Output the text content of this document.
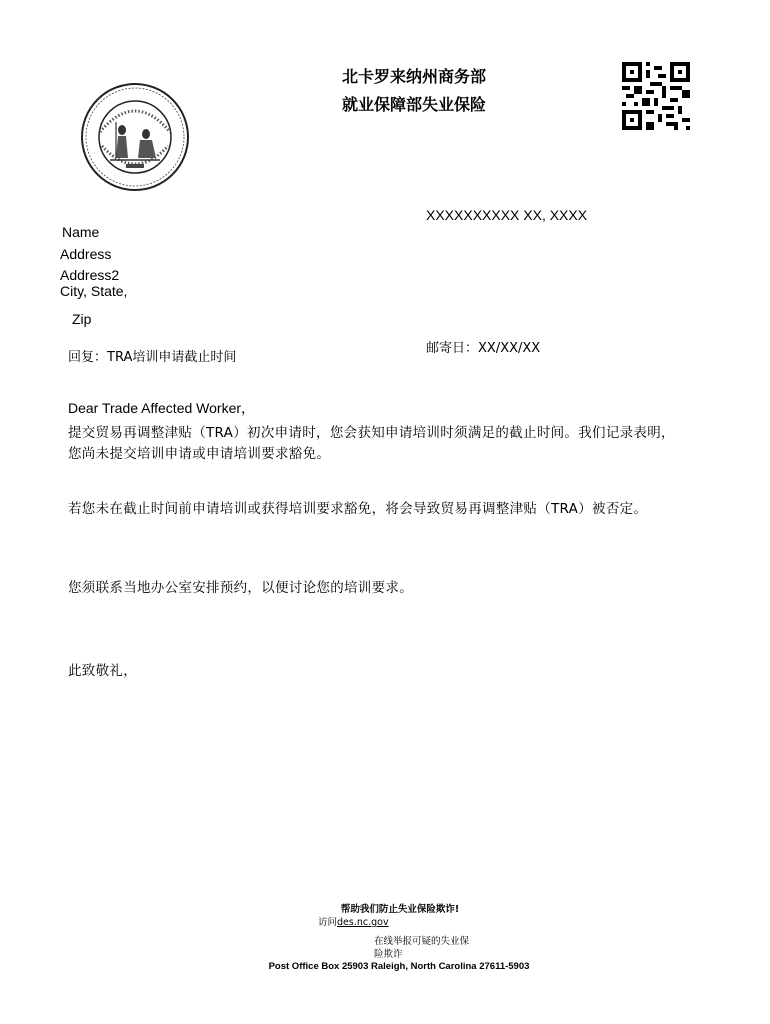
北卡罗来纳州商务部
就业保障部失业保险
XXXXXXXXXX XX, XXXX
Name
Address
Address2
City, State,
Zip
回复：TRA培训申请截止时间
邮寄日：XX/XX/XX
Dear Trade Affected Worker，
提交贸易再调整津贴（TRA）初次申请时，您会获知申请培训时须满足的截止时间。我们记录表明，您尚未提交培训申请或申请培训要求豁免。
若您未在截止时间前申请培训或获得培训要求豁免，将会导致贸易再调整津贴（TRA）被否定。
您须联系当地办公室安排预约，以便讨论您的培训要求。
此致敬礼，
帮助我们防止失业保险欺诈!
访问des.nc.gov
在线举报可疑的失业保
险欺诈
Post Office Box 25903 Raleigh, North Carolina 27611-5903
